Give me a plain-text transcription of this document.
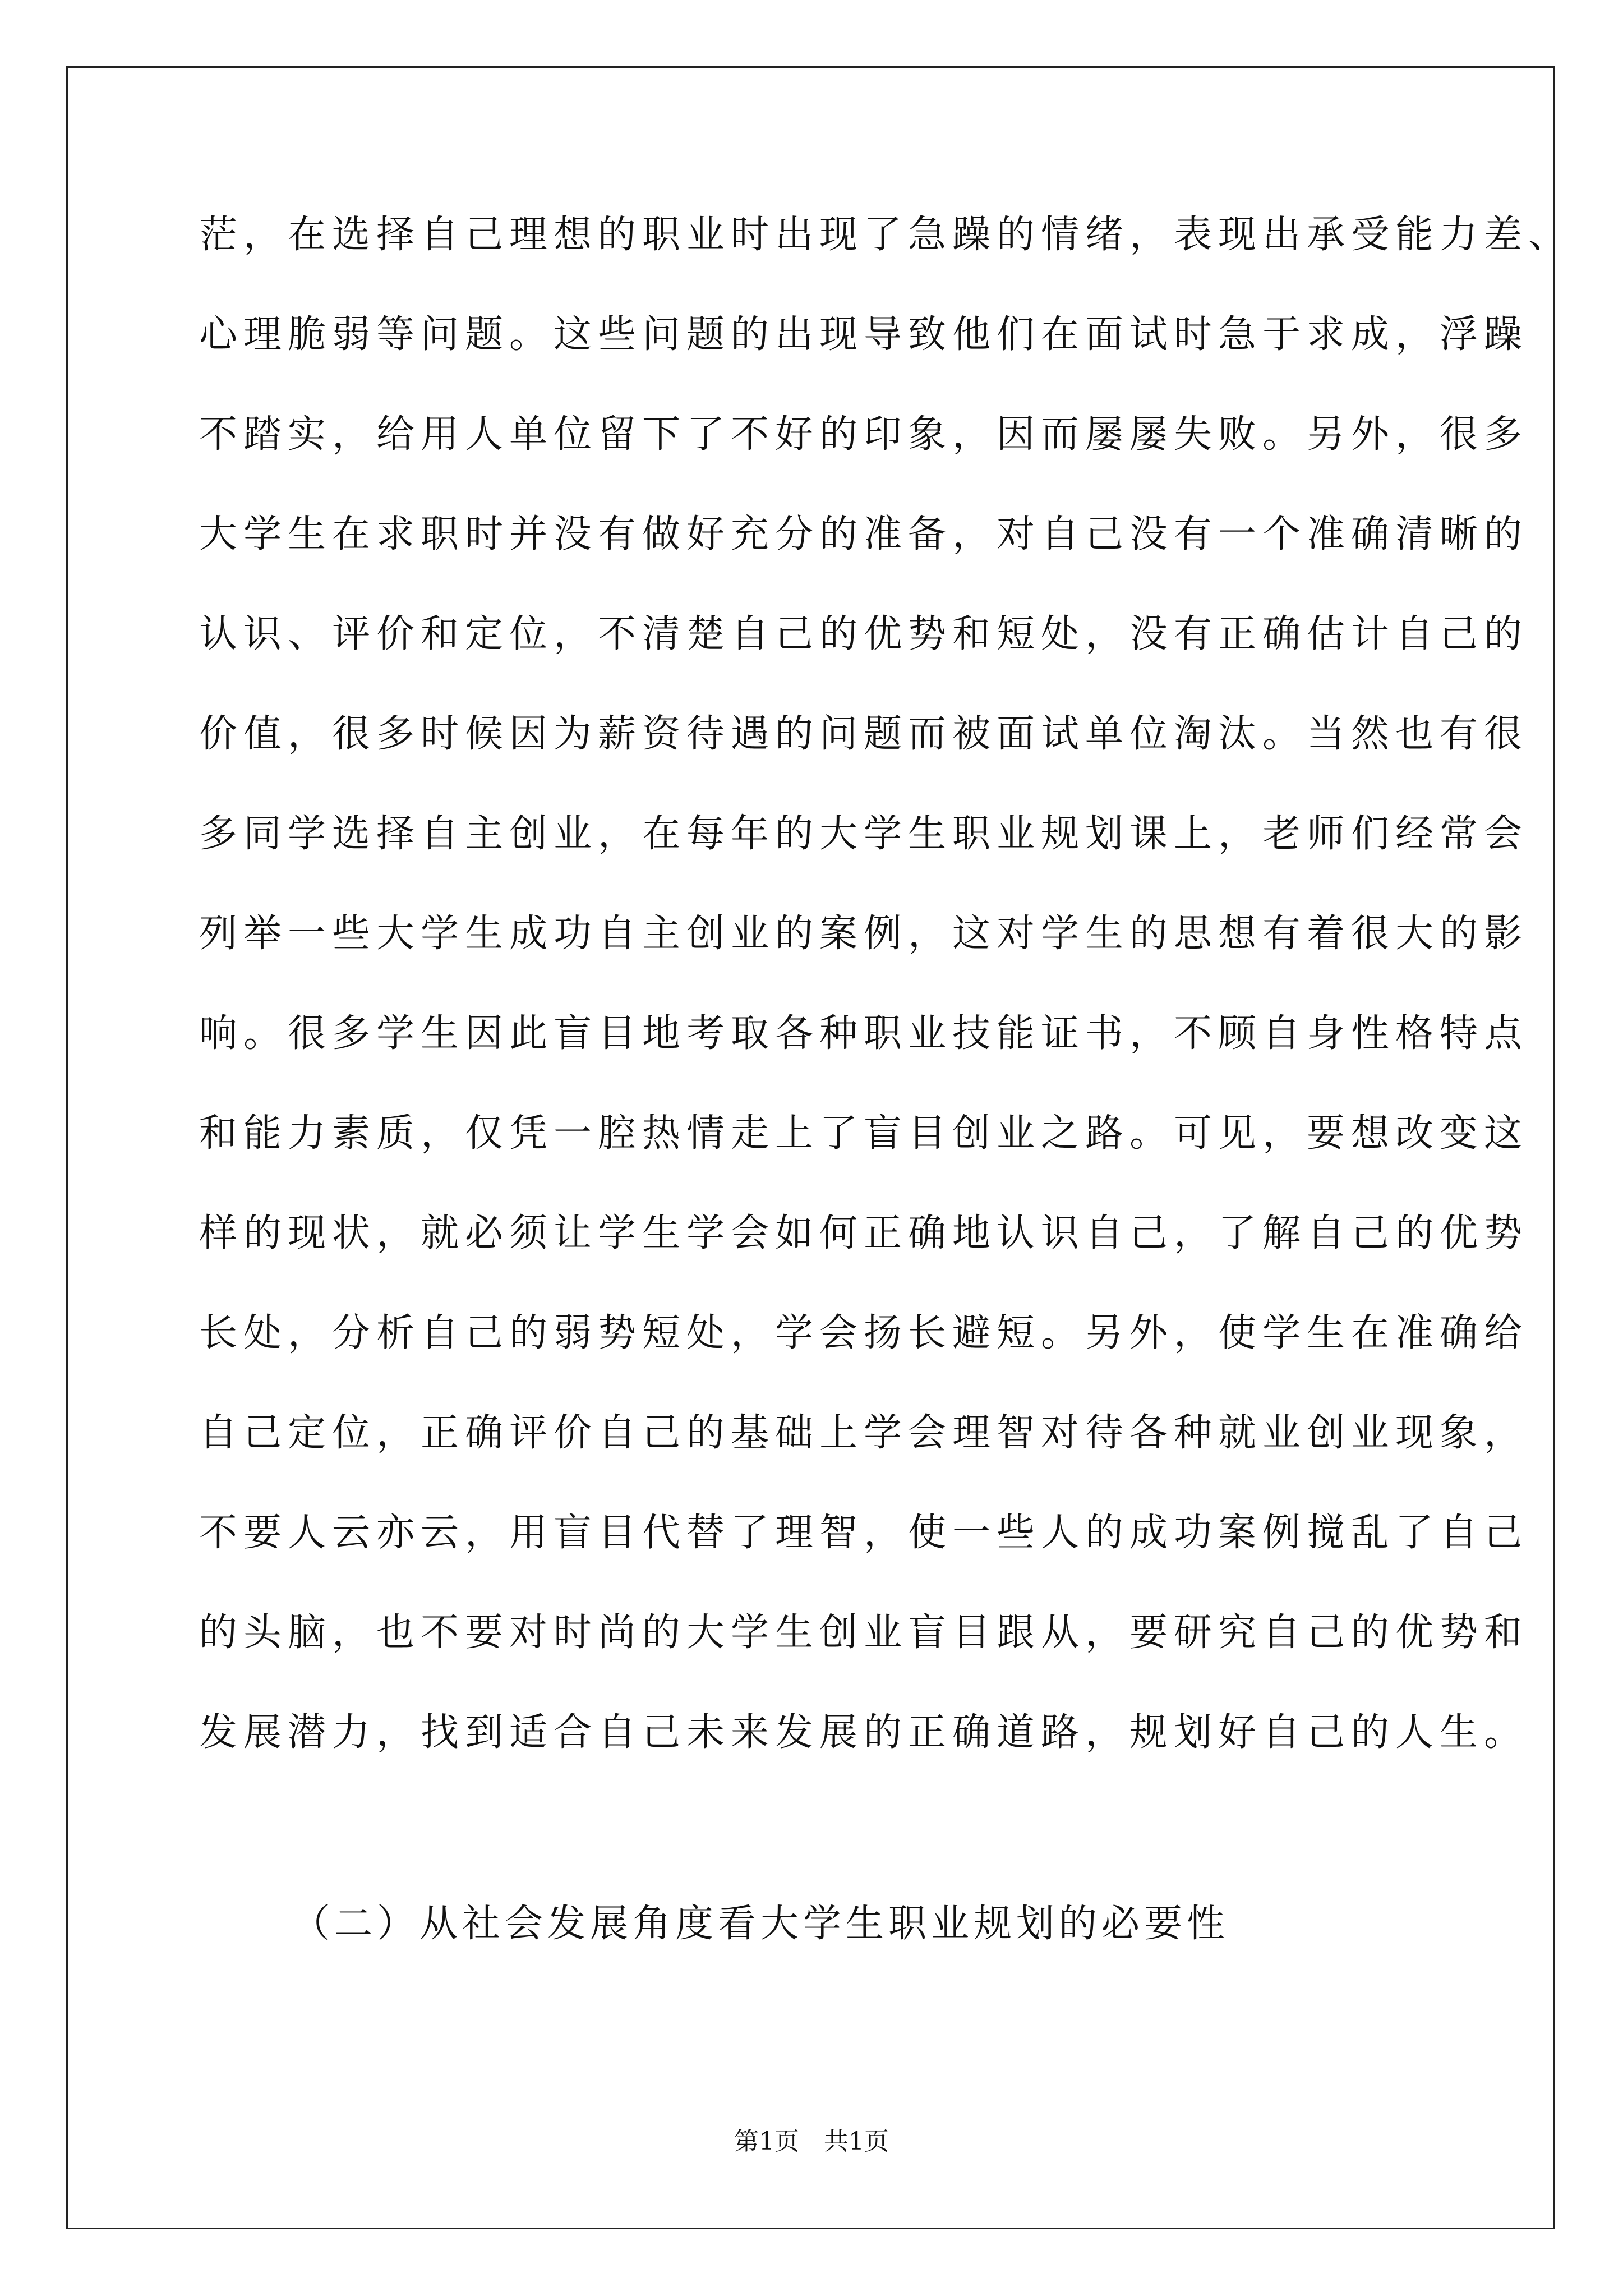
茫，在选择自己理想的职业时出现了急躁的情绪，表现出承受能力差、
心理脆弱等问题。这些问题的出现导致他们在面试时急于求成，浮躁
不踏实，给用人单位留下了不好的印象，因而屡屡失败。另外，很多
大学生在求职时并没有做好充分的准备，对自己没有一个准确清晰的
认识、评价和定位，不清楚自己的优势和短处，没有正确估计自己的
价值，很多时候因为薪资待遇的问题而被面试单位淘汰。当然也有很
多同学选择自主创业，在每年的大学生职业规划课上，老师们经常会
列举一些大学生成功自主创业的案例，这对学生的思想有着很大的影
响。很多学生因此盲目地考取各种职业技能证书，不顾自身性格特点
和能力素质，仅凭一腔热情走上了盲目创业之路。可见，要想改变这
样的现状，就必须让学生学会如何正确地认识自己，了解自己的优势
长处，分析自己的弱势短处，学会扬长避短。另外，使学生在准确给
自己定位，正确评价自己的基础上学会理智对待各种就业创业现象，
不要人云亦云，用盲目代替了理智，使一些人的成功案例搅乱了自己
的头脑，也不要对时尚的大学生创业盲目跟从，要研究自己的优势和
发展潜力，找到适合自己未来发展的正确道路，规划好自己的人生。
（二）从社会发展角度看大学生职业规划的必要性
第1页　共1页
